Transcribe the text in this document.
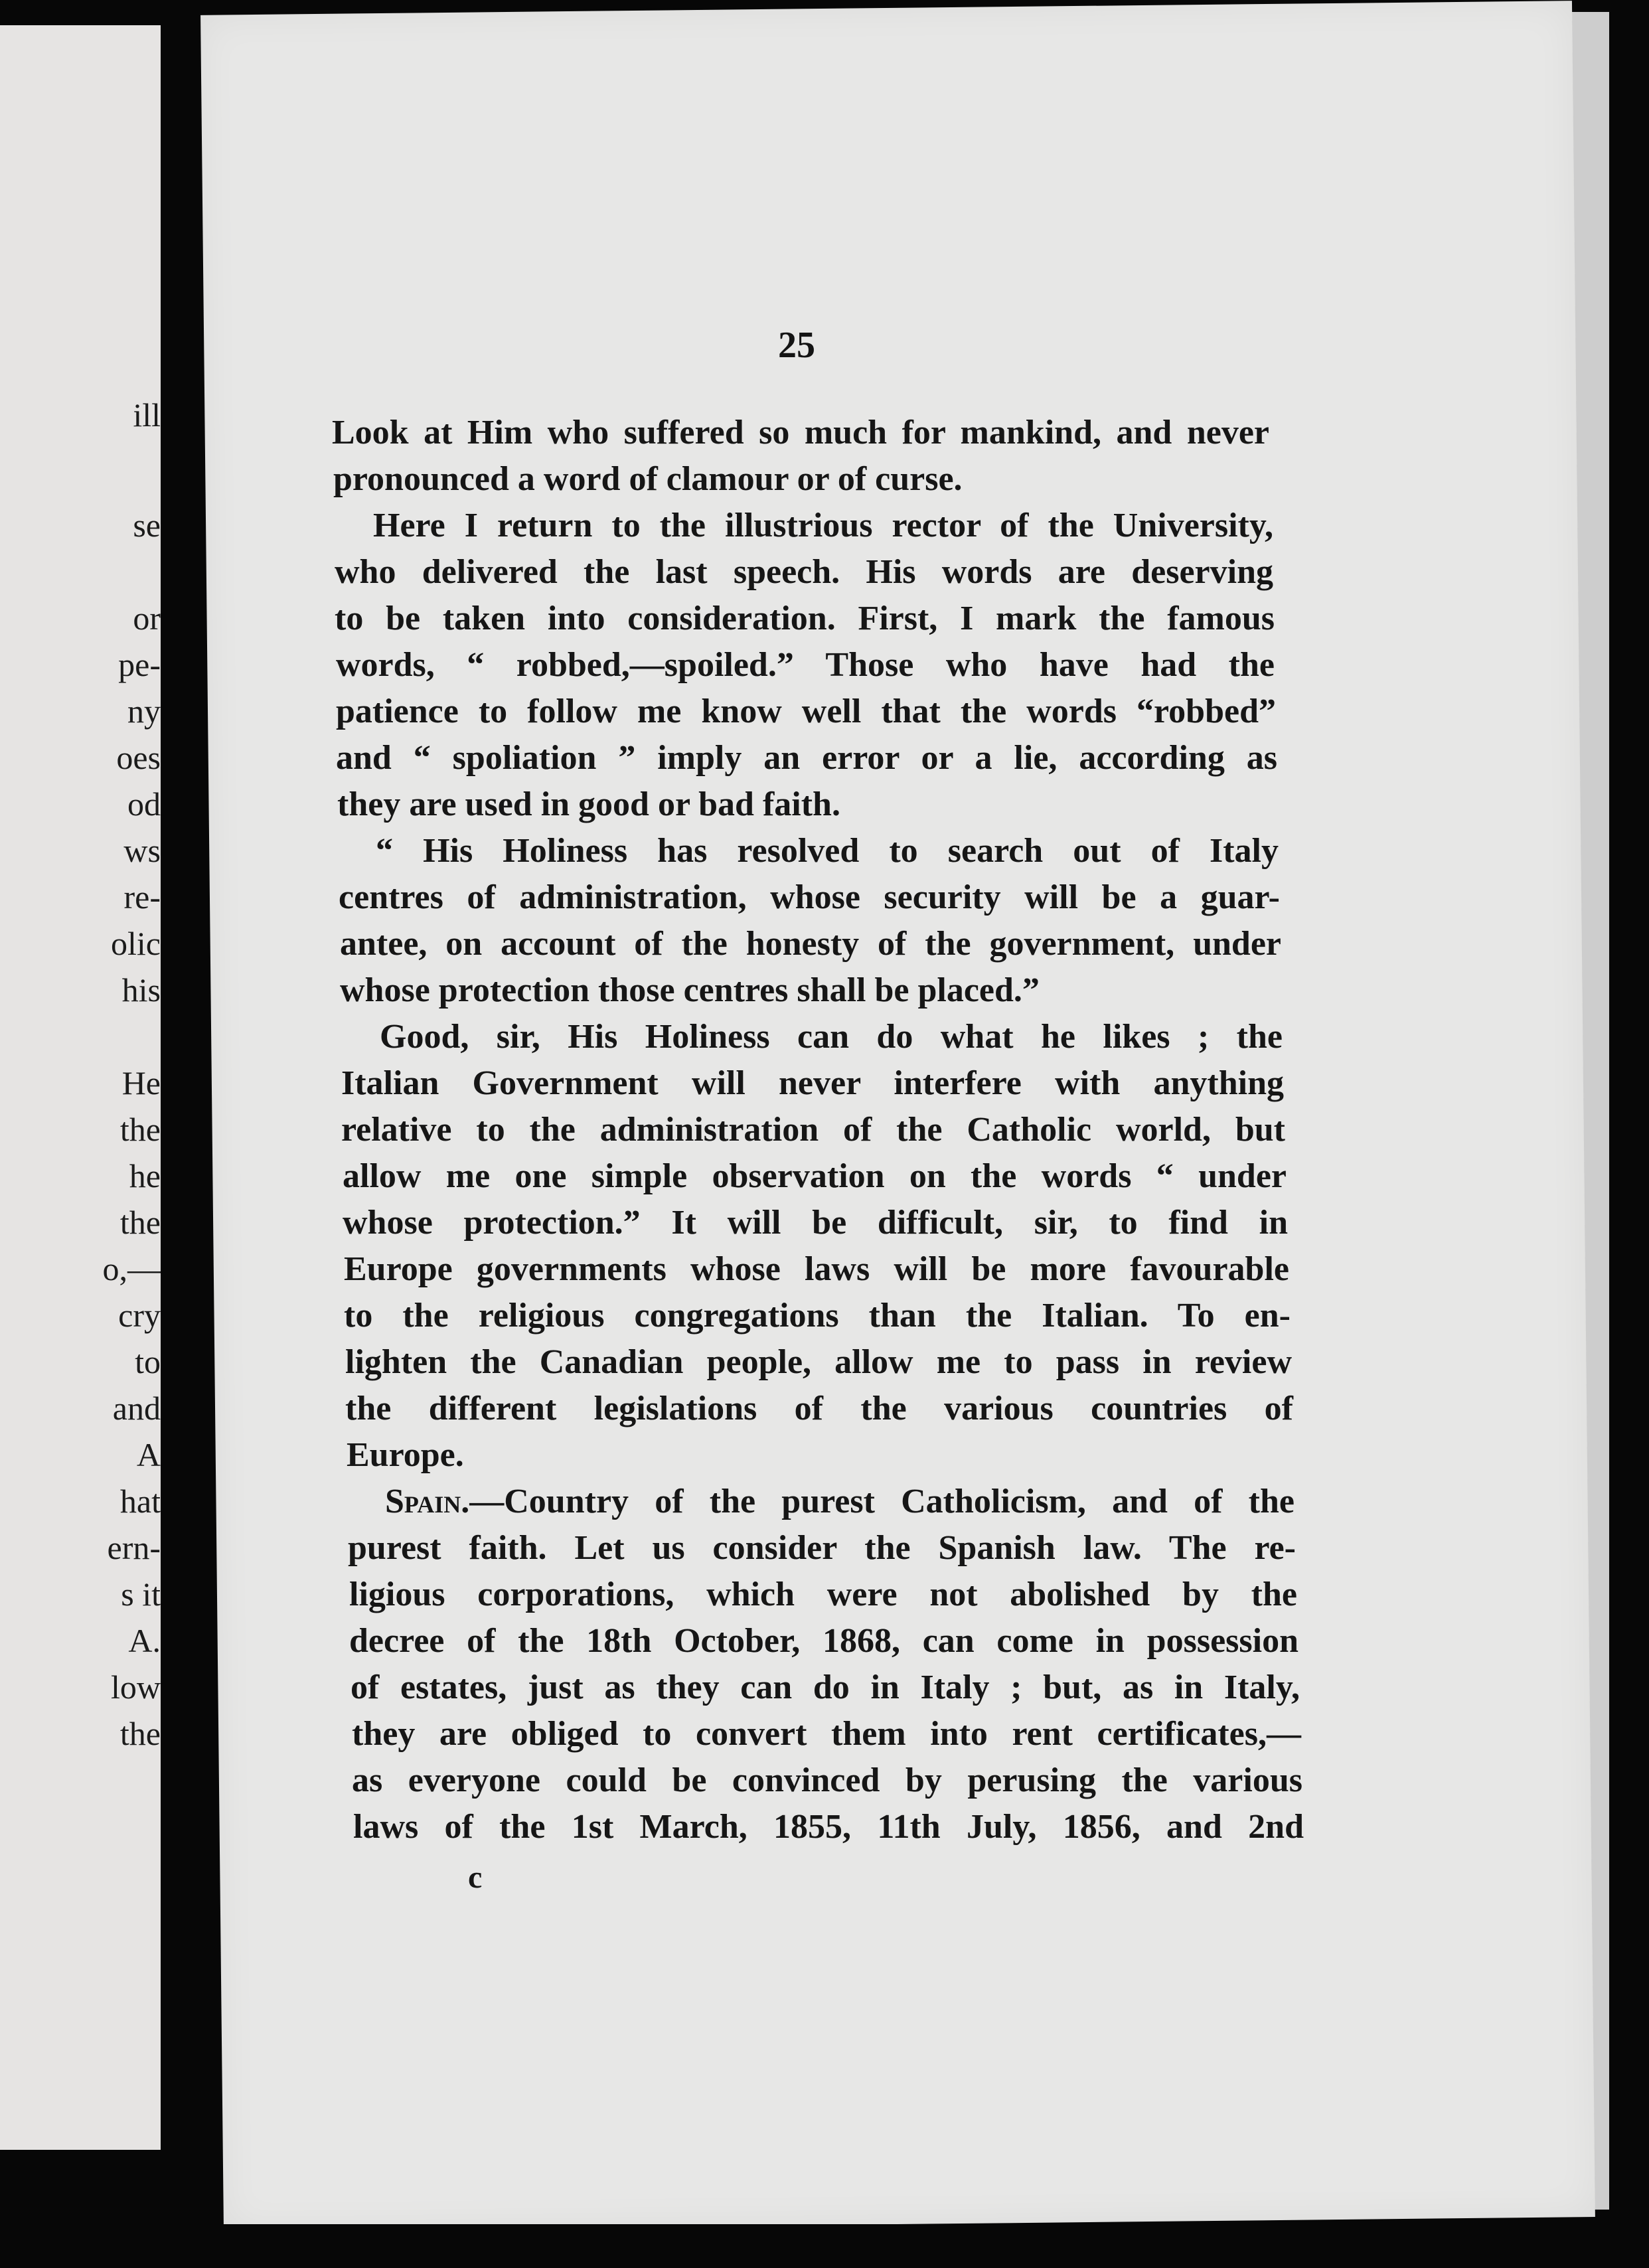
ill
se
or
pe-
ny
oes
od
ws
re-
olic
his
He
the
he
the
o,—
cry
to
and
A
hat
ern-
s it
A.
low
the
25
Look at Him who suffered so much for mankind, and never
pronounced a word of clamour or of curse.
Here I return to the illustrious rector of the University,
who delivered the last speech. His words are deserving
to be taken into consideration. First, I mark the famous
words, “ robbed,—spoiled.” Those who have had the
patience to follow me know well that the words “robbed”
and “ spoliation ” imply an error or a lie, according as
they are used in good or bad faith.
“ His Holiness has resolved to search out of Italy
centres of administration, whose security will be a guar-
antee, on account of the honesty of the government, under
whose protection those centres shall be placed.”
Good, sir, His Holiness can do what he likes ; the
Italian Government will never interfere with anything
relative to the administration of the Catholic world, but
allow me one simple observation on the words “ under
whose protection.” It will be difficult, sir, to find in
Europe governments whose laws will be more favourable
to the religious congregations than the Italian. To en-
lighten the Canadian people, allow me to pass in review
the different legislations of the various countries of
Europe.
Spain. —Country of the purest Catholicism, and of the
purest faith. Let us consider the Spanish law. The re-
ligious corporations, which were not abolished by the
decree of the 18th October, 1868, can come in possession
of estates, just as they can do in Italy ; but, as in Italy,
they are obliged to convert them into rent certificates,—
as everyone could be convinced by perusing the various
laws of the 1st March, 1855, 11th July, 1856, and 2nd
c
